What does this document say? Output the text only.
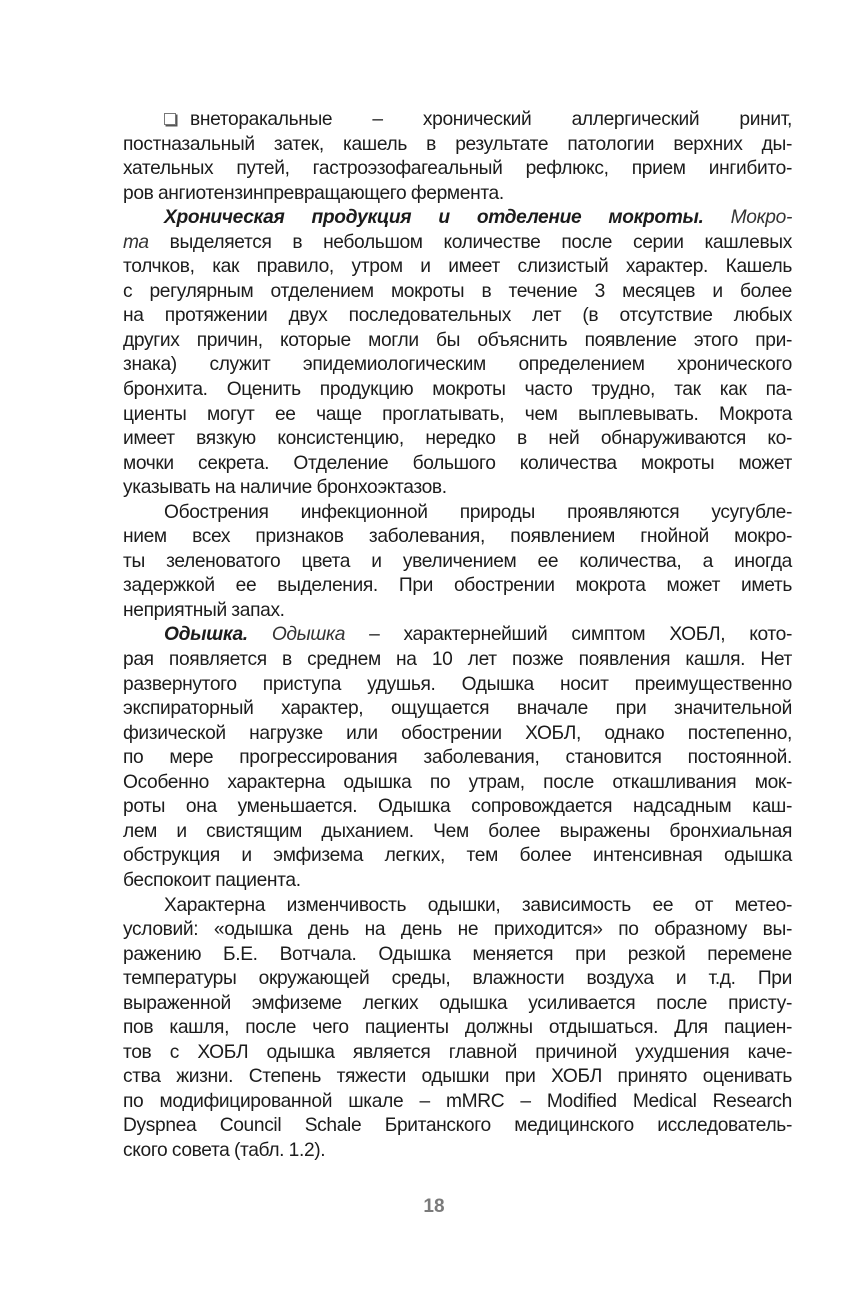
внеторакальные – хронический аллергический ринит,
постназальный затек, кашель в результате патологии верхних ды-
хательных путей, гастроэзофагеальный рефлюкс, прием ингибито-
ров ангиотензинпревращающего фермента.
Хроническая продукция и отделение мокроты. Мокро-
та выделяется в небольшом количестве после серии кашлевых
толчков, как правило, утром и имеет слизистый характер. Кашель
с регулярным отделением мокроты в течение 3 месяцев и более
на протяжении двух последовательных лет (в отсутствие любых
других причин, которые могли бы объяснить появление этого при-
знака) служит эпидемиологическим определением хронического
бронхита. Оценить продукцию мокроты часто трудно, так как па-
циенты могут ее чаще проглатывать, чем выплевывать. Мокрота
имеет вязкую консистенцию, нередко в ней обнаруживаются ко-
мочки секрета. Отделение большого количества мокроты может
указывать на наличие бронхоэктазов.
Обострения инфекционной природы проявляются усугубле-
нием всех признаков заболевания, появлением гнойной мокро-
ты зеленоватого цвета и увеличением ее количества, а иногда
задержкой ее выделения. При обострении мокрота может иметь
неприятный запах.
Одышка. Одышка – характернейший симптом ХОБЛ, кото-
рая появляется в среднем на 10 лет позже появления кашля. Нет
развернутого приступа удушья. Одышка носит преимущественно
экспираторный характер, ощущается вначале при значительной
физической нагрузке или обострении ХОБЛ, однако постепенно,
по мере прогрессирования заболевания, становится постоянной.
Особенно характерна одышка по утрам, после откашливания мок-
роты она уменьшается. Одышка сопровождается надсадным каш-
лем и свистящим дыханием. Чем более выражены бронхиальная
обструкция и эмфизема легких, тем более интенсивная одышка
беспокоит пациента.
Характерна изменчивость одышки, зависимость ее от метео-
условий: «одышка день на день не приходится» по образному вы-
ражению Б.Е. Вотчала. Одышка меняется при резкой перемене
температуры окружающей среды, влажности воздуха и т.д. При
выраженной эмфиземе легких одышка усиливается после присту-
пов кашля, после чего пациенты должны отдышаться. Для пациен-
тов с ХОБЛ одышка является главной причиной ухудшения каче-
ства жизни. Степень тяжести одышки при ХОБЛ принято оценивать
по модифицированной шкале – mMRC – Modified Medical Research
Dyspnea Council Schale Британского медицинского исследователь-
ского совета (табл. 1.2).
18
